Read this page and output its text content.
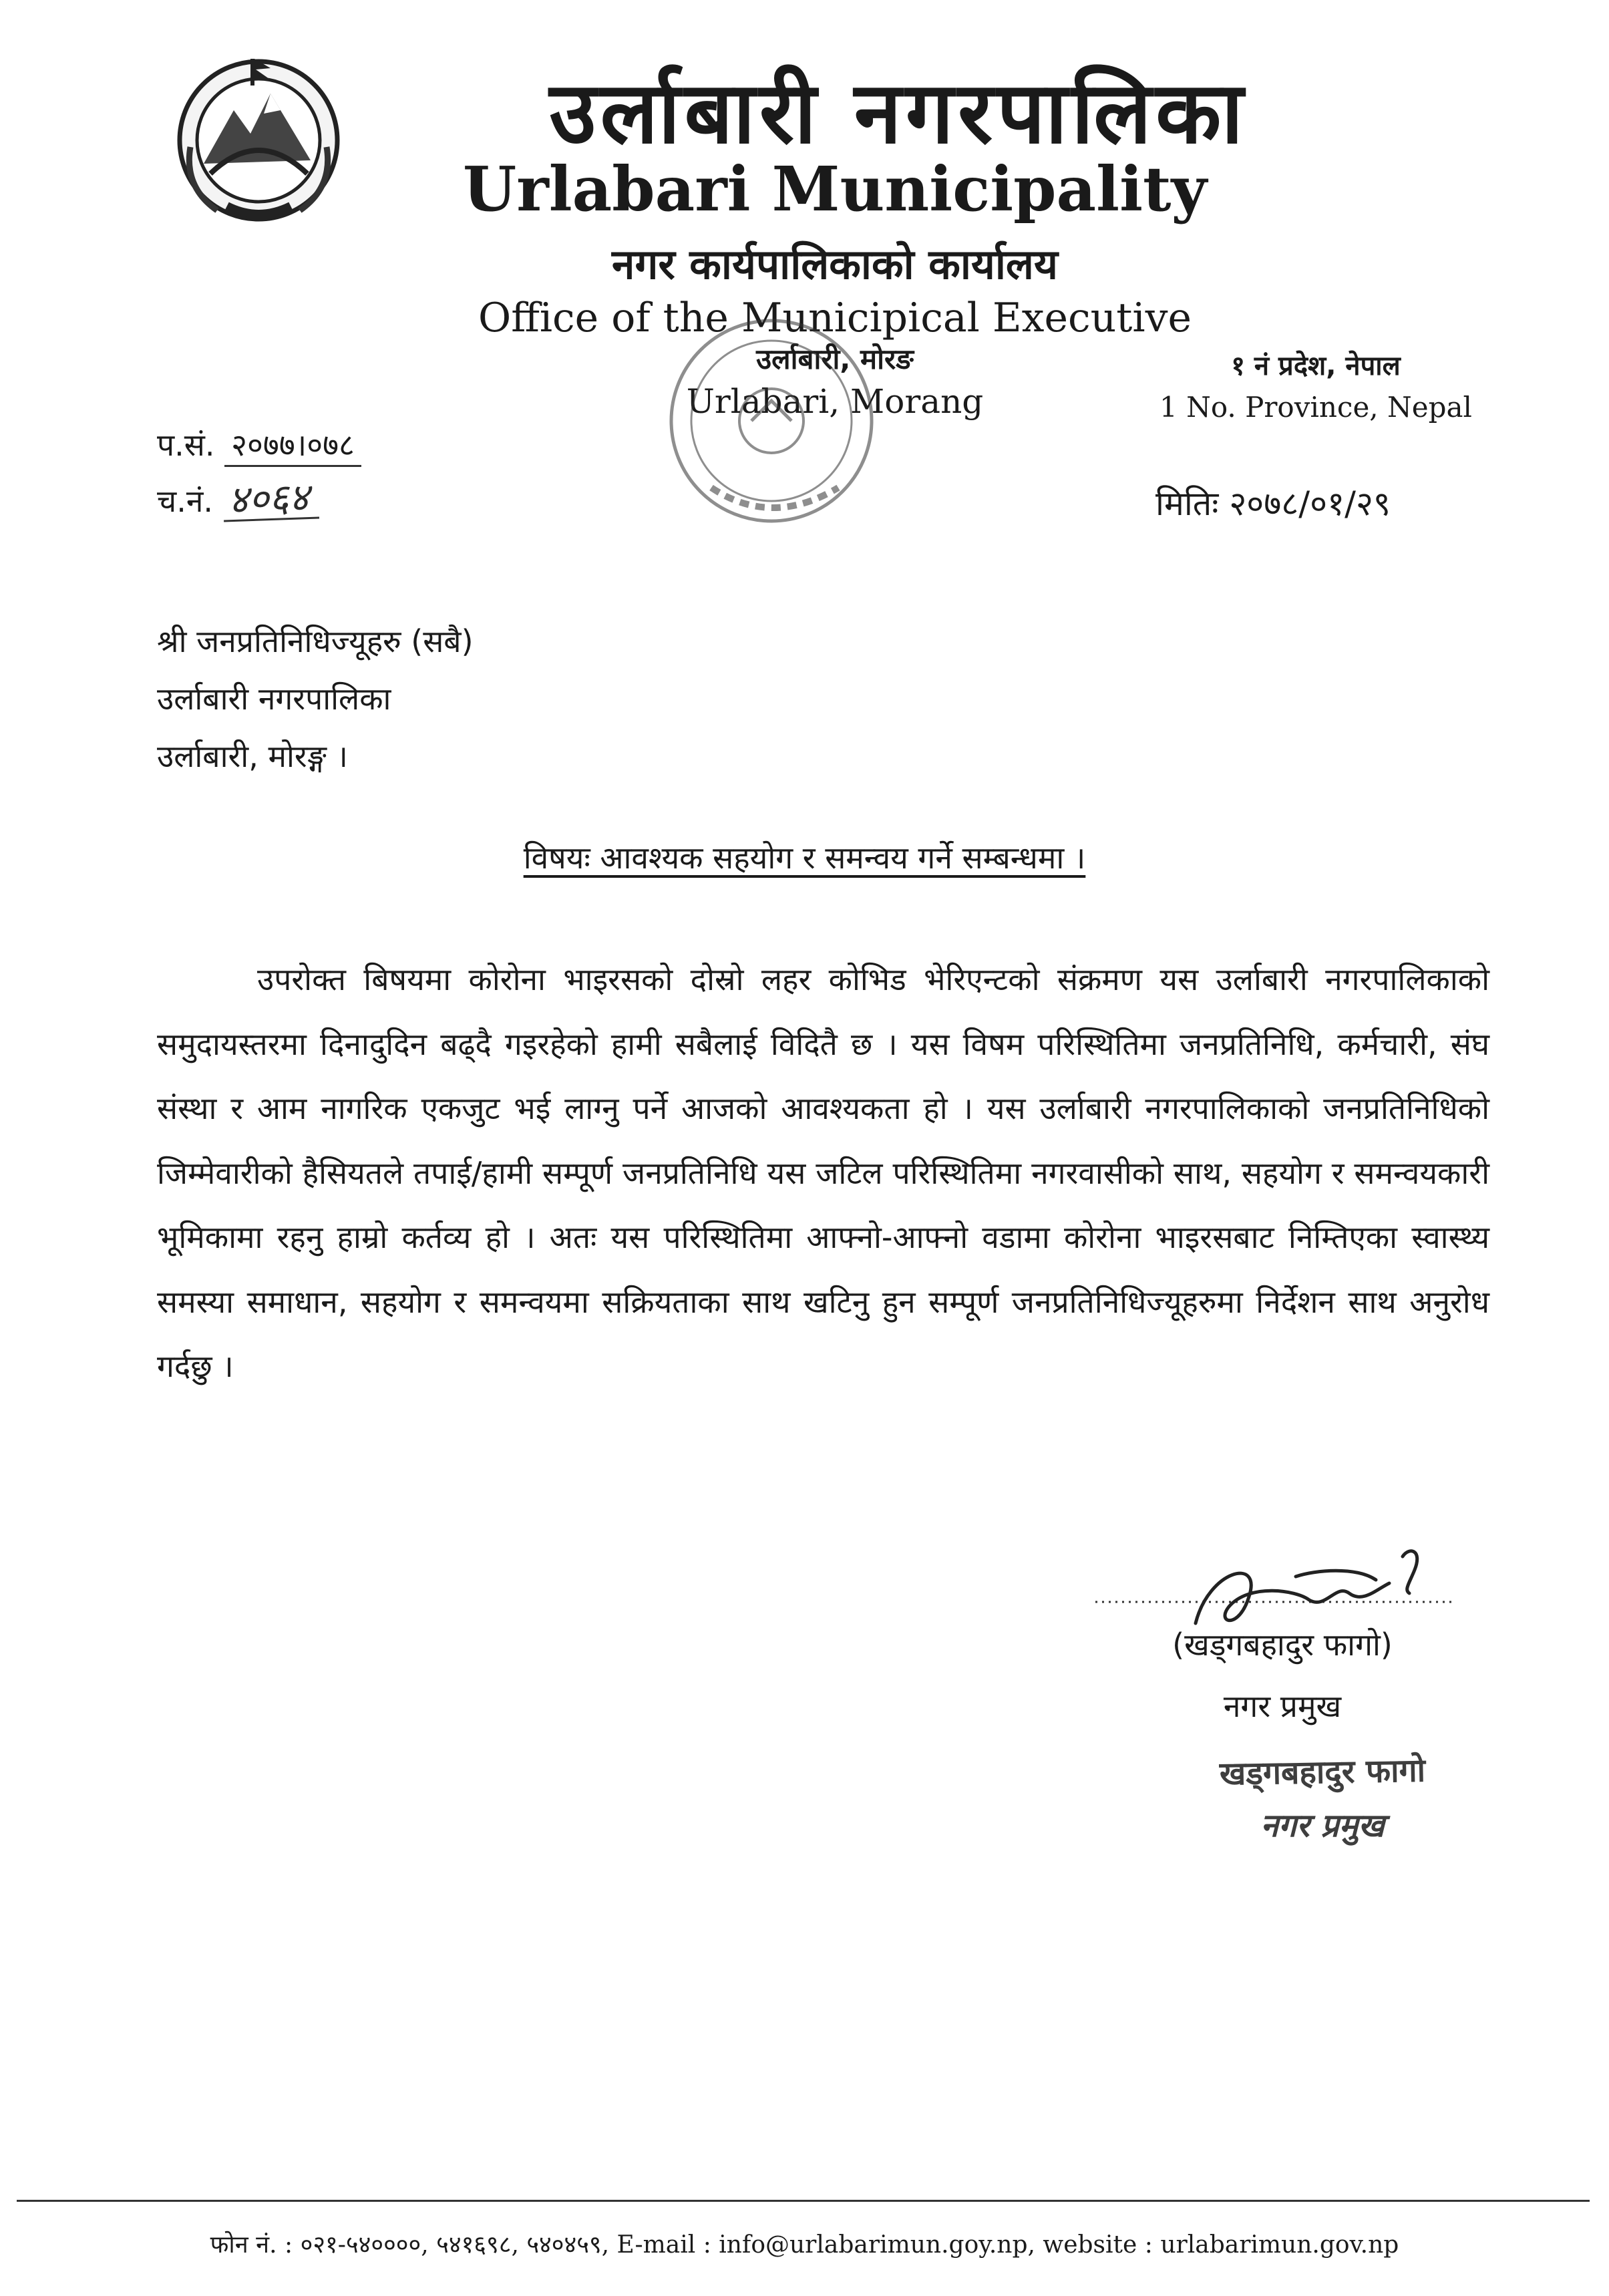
उर्लाबारी नगरपालिका
Urlabari Municipality
नगर कार्यपालिकाको कार्यालय
Office of the Municipical Executive
उर्लाबारी, मोरङ
Urlabari, Morang
१ नं प्रदेश, नेपाल
1 No. Province, Nepal
प.सं. २०७७।०७८
च.नं. ४०६४	मितिः २०७८/०१/२९
श्री जनप्रतिनिधिज्यूहरु (सबै)
उर्लाबारी नगरपालिका
उर्लाबारी, मोरङ्ग ।
विषयः आवश्यक सहयोग र समन्वय गर्ने सम्बन्धमा ।
उपरोक्त बिषयमा कोरोना भाइरसको दोस्रो लहर कोभिड भेरिएन्टको संक्रमण यस उर्लाबारी नगरपालिकाको समुदायस्तरमा दिनादुदिन बढ्दै गइरहेको हामी सबैलाई विदितै छ । यस विषम परिस्थितिमा जनप्रतिनिधि, कर्मचारी, संघ संस्था र आम नागरिक एकजुट भई लाग्नु पर्ने आजको आवश्यकता हो । यस उर्लाबारी नगरपालिकाको जनप्रतिनिधिको जिम्मेवारीको हैसियतले तपाई/हामी सम्पूर्ण जनप्रतिनिधि यस जटिल परिस्थितिमा नगरवासीको साथ, सहयोग र समन्वयकारी भूमिकामा रहनु हाम्रो कर्तव्य हो । अतः यस परिस्थितिमा आफ्नो-आफ्नो वडामा कोरोना भाइरसबाट निम्तिएका स्वास्थ्य समस्या समाधान, सहयोग र समन्वयमा सक्रियताका साथ खटिनु हुन सम्पूर्ण जनप्रतिनिधिज्यूहरुमा निर्देशन साथ अनुरोध गर्दछु ।
(खड्गबहादुर फागो)
नगर प्रमुख
खड्गबहादुर फागो
नगर प्रमुख
फोन नं. : ०२१-५४००००, ५४१६९८, ५४०४५९, E-mail : info@urlabarimun.goy.np, website : urlabarimun.gov.np
